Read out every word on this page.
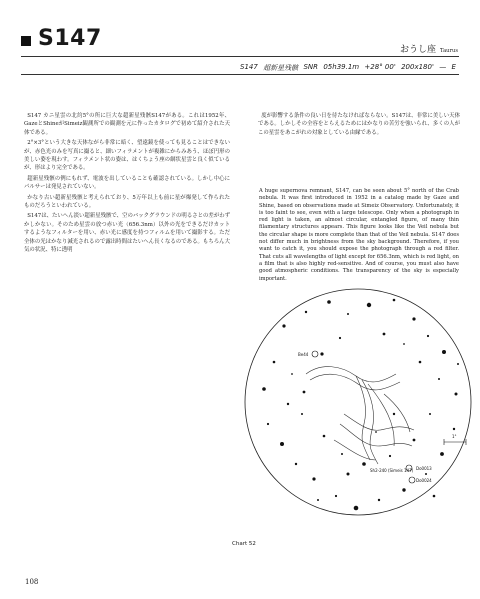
S147	おうし座 Taurus
S147 超新星残骸 SNR 05h39.1m +28° 00' 200x180' — E

S147 カニ星雲の北約5°の所に巨大な超新星残骸S147がある。これは1952年、GazeとShineがSimeiz観測所での観測を元に作ったカタログで初めて紹介された天体である。

2°×3°という大きな天体ながら非常に暗く、望遠鏡を使っても見ることはできないが、赤色光のみを写真に撮ると、細いフィラメントが複雑にからみあう、ほぼ円形の美しい姿を現わす。フィラメント状の姿は、はくちょう座の網状星雲と良く似ているが、形はより完全である。

超新星残骸の例にもれず、電波を出していることも確認されている。しかし中心にパルサーは発見されていない。

かなり古い超新星残骸と考えられており、5万年以上も前に星が爆発して作られたものだろうといわれている。

S147は、たいへん淡い超新星残骸で、空のバックグラウンドの明るさとの差がわずかしかない。そのため星雲の放つ赤い光（656.3nm）以外の光をできるだけカットするようなフィルターを用い、赤い光に感度を持つフィルムを用いて撮影する。ただ全体の光はかなり減光されるので露出時間はたいへん長くなるのである。もちろん大気の状況、特に透明

度が影響する条件の良い日を待たなければならない。S147は、非常に美しい天体である。しかしその全容をとらえるためにはかなりの苦労を強いられ、多くの人がこの星雲をあこがれの対象としている由縁である。

A huge supernova remnant, S147, can be seen about 5° north of the Crab nebula. It was first introduced in 1952 in a catalog made by Gaze and Shine, based on observations made at Simeiz Observatory. Unfortunately, it is too faint to see, even with a large telescope. Only when a photograph in red light is taken, an almost circular, entangled figure, of many thin filamentary structures appears. This figure looks like the Veil nebula but the circular shape is more complete than that of the Veil nebula. S147 does not differ much in brightness from the sky background. Therefore, if you want to catch it, you should expose the photograph through a red filter. That cuts all wavelengths of light except for 656.3nm, which is red light, on a film that is also highly red-sensitive. And of course, you must also have good atmospheric conditions. The transparency of the sky is especially important.
Be44
Sh2-240 (Simeis 147) Do0013
Do0024
1°
Chart 52
108
